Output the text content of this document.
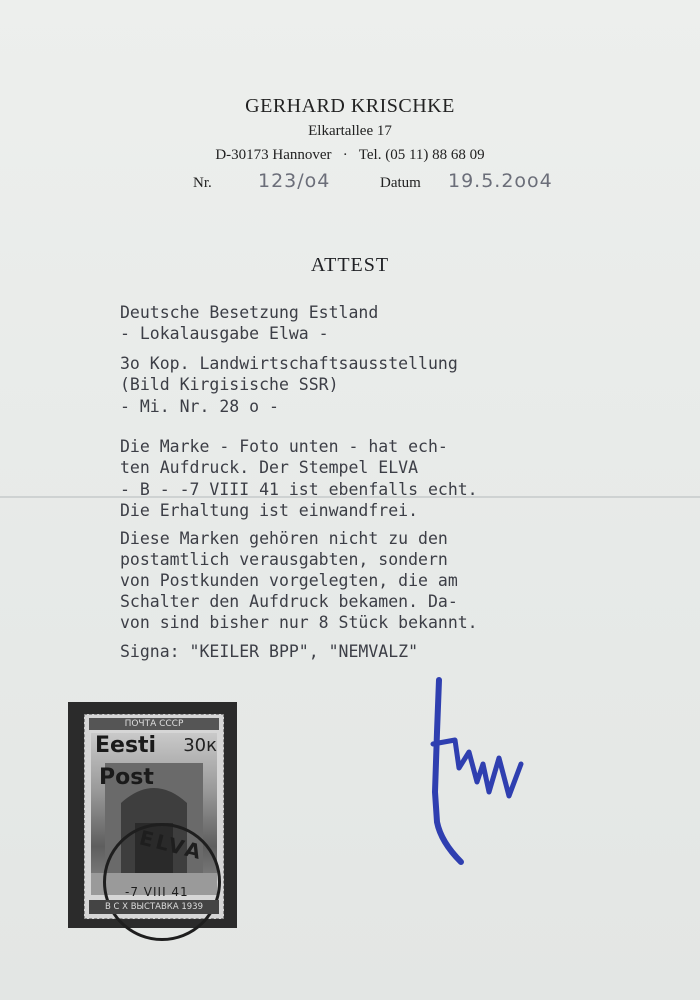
GERHARD KRISCHKE
Elkartallee 17
D-30173 Hannover   ·   Tel. (05 11) 88 68 09
Nr. 123/o4	Datum 19.5.2oo4
ATTEST
Deutsche Besetzung Estland
- Lokalausgabe Elwa -
3o Kop. Landwirtschaftsausstellung
(Bild Kirgisische SSR)
- Mi. Nr. 28 o -
Die Marke - Foto unten - hat ech-
ten Aufdruck. Der Stempel ELVA
- B - -7 VIII 41 ist ebenfalls echt.
Die Erhaltung ist einwandfrei.
Diese Marken gehören nicht zu den
postamtlich verausgabten, sondern
von Postkunden vorgelegten, die am
Schalter den Aufdruck bekamen. Da-
von sind bisher nur 8 Stück bekannt.
Signa: "KEILER BPP", "NEMVALZ"
ПОЧТА СССР
Eesti
Post
30к
ELVA
-7 VIII 41
В С Х ВЫСТАВКА 1939
